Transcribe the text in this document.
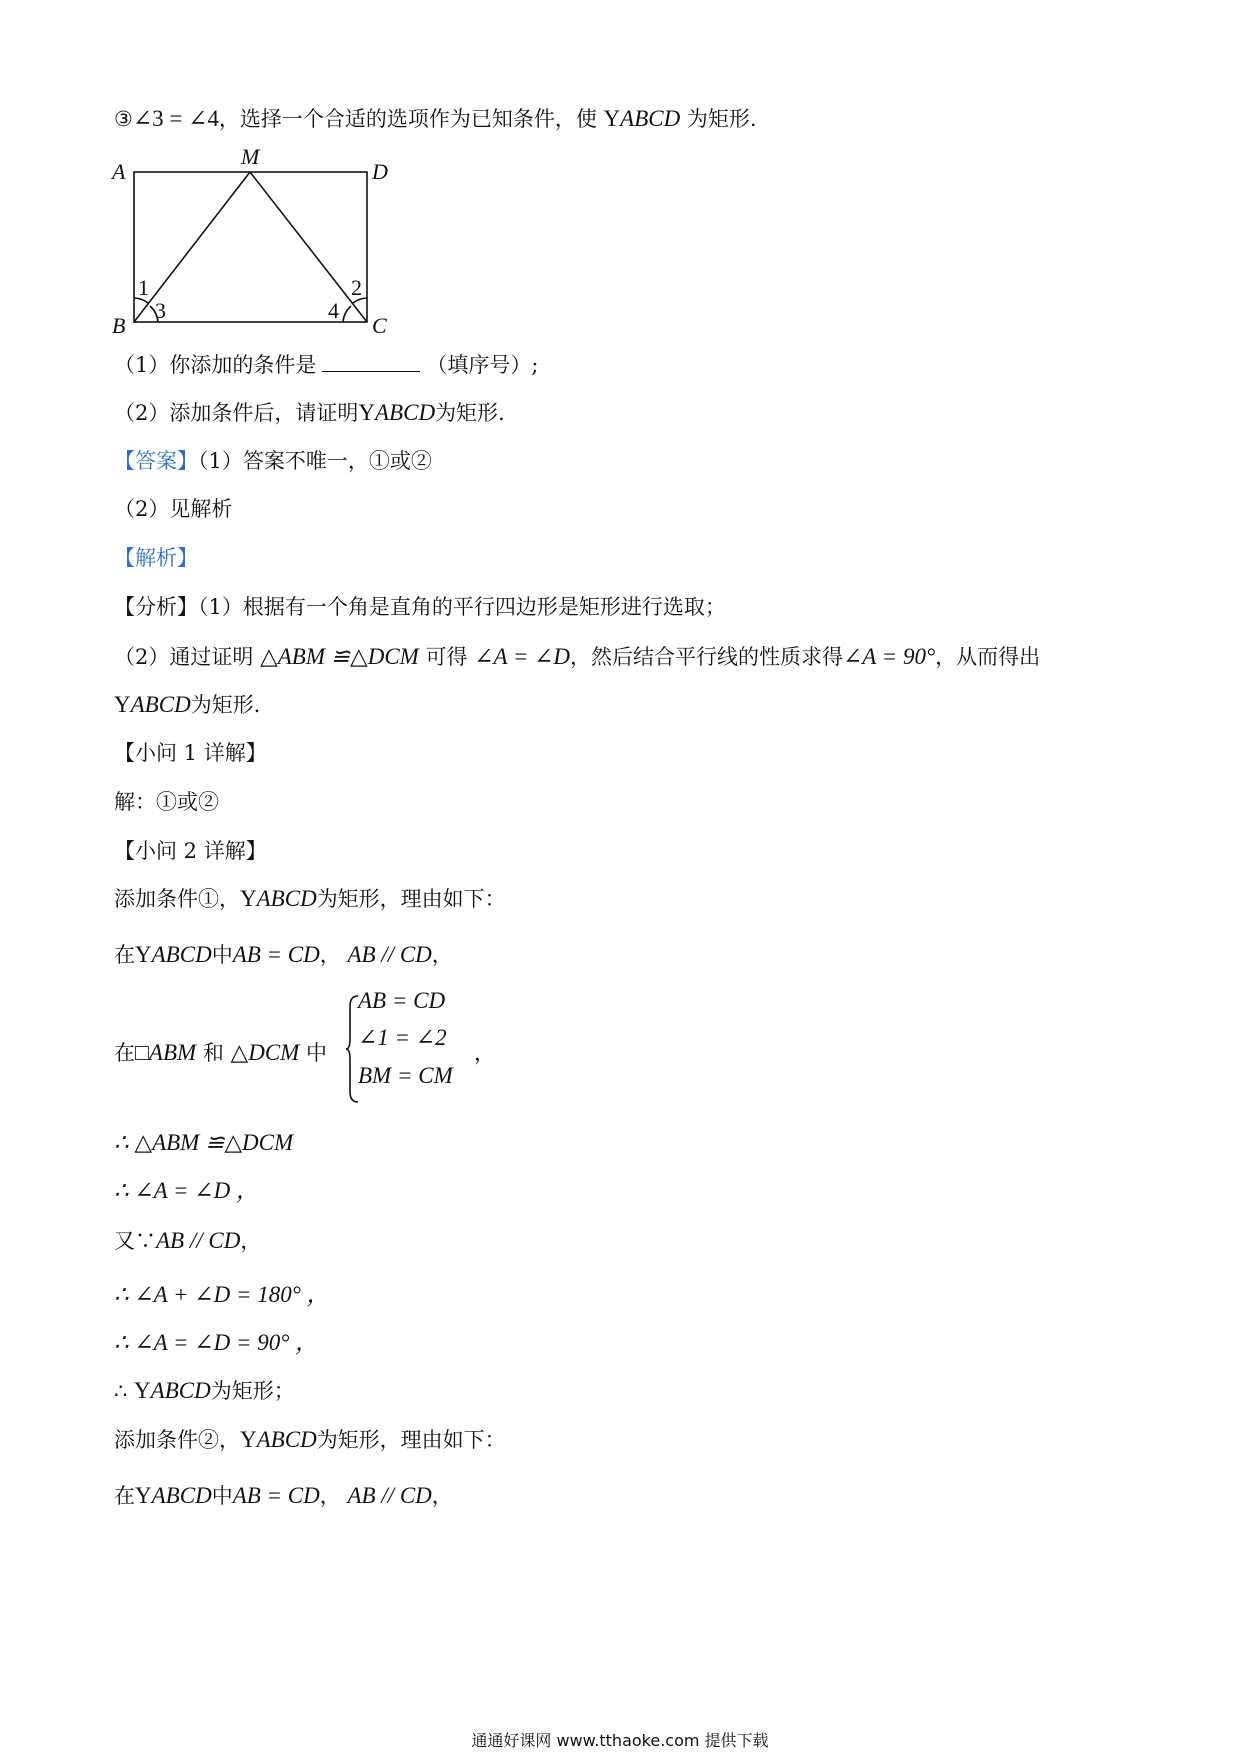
③∠3 = ∠4，选择一个合适的选项作为已知条件，使 YABCD 为矩形.
A
M
D
B	C
1
3
2
4
（1）你添加的条件是	（填序号）;
（2）添加条件后，请证明YABCD为矩形.
【答案】（1）答案不唯一，①或②
（2）见解析
【解析】
【分析】（1）根据有一个角是直角的平行四边形是矩形进行选取；
（2）通过证明 △ABM ≌△DCM 可得 ∠A = ∠D，然后结合平行线的性质求得∠A = 90°，从而得出
YABCD为矩形.
【小问 1 详解】
解：①或②
【小问 2 详解】
添加条件①，YABCD为矩形，理由如下：
在YABCD中AB = CD， AB // CD，
在□ABM 和 △DCM 中
AB = CD
∠1 = ∠2
BM = CM
，
∴ △ABM ≌△DCM
∴ ∠A = ∠D ，
又∵AB // CD，
∴ ∠A + ∠D = 180° ，
∴ ∠A = ∠D = 90° ，
∴ YABCD为矩形；
添加条件②，YABCD为矩形，理由如下：
在YABCD中AB = CD， AB // CD，
通通好课网 www.tthaoke.com 提供下载
